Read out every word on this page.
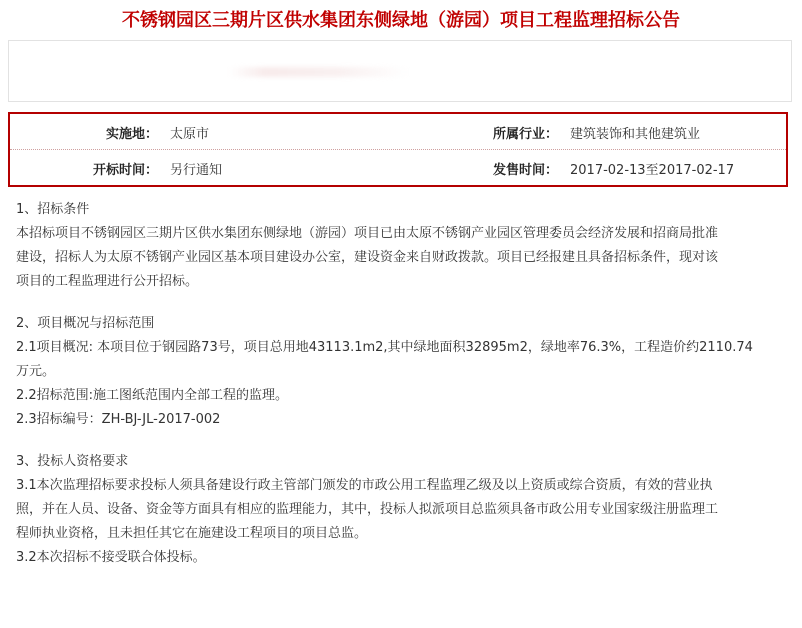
不锈钢园区三期片区供水集团东侧绿地（游园）项目工程监理招标公告
实施地： 太原市	所属行业： 建筑装饰和其他建筑业
开标时间： 另行通知	发售时间： 2017-02-13至2017-02-17

1、招标条件

本招标项目不锈钢园区三期片区供水集团东侧绿地（游园）项目已由太原不锈钢产业园区管理委员会经济发展和招商局批准

建设，招标人为太原不锈钢产业园区基本项目建设办公室，建设资金来自财政拨款。项目已经报建且具备招标条件，现对该

项目的工程监理进行公开招标。

2、项目概况与招标范围

2.1项目概况: 本项目位于钢园路73号，项目总用地43113.1m2,其中绿地面积32895m2，绿地率76.3%，工程造价约2110.74

万元。

2.2招标范围:施工图纸范围内全部工程的监理。

2.3招标编号：ZH-BJ-JL-2017-002

3、投标人资格要求

3.1本次监理招标要求投标人须具备建设行政主管部门颁发的市政公用工程监理乙级及以上资质或综合资质，有效的营业执

照，并在人员、设备、资金等方面具有相应的监理能力，其中，投标人拟派项目总监须具备市政公用专业国家级注册监理工

程师执业资格，且未担任其它在施建设工程项目的项目总监。

3.2本次招标不接受联合体投标。
